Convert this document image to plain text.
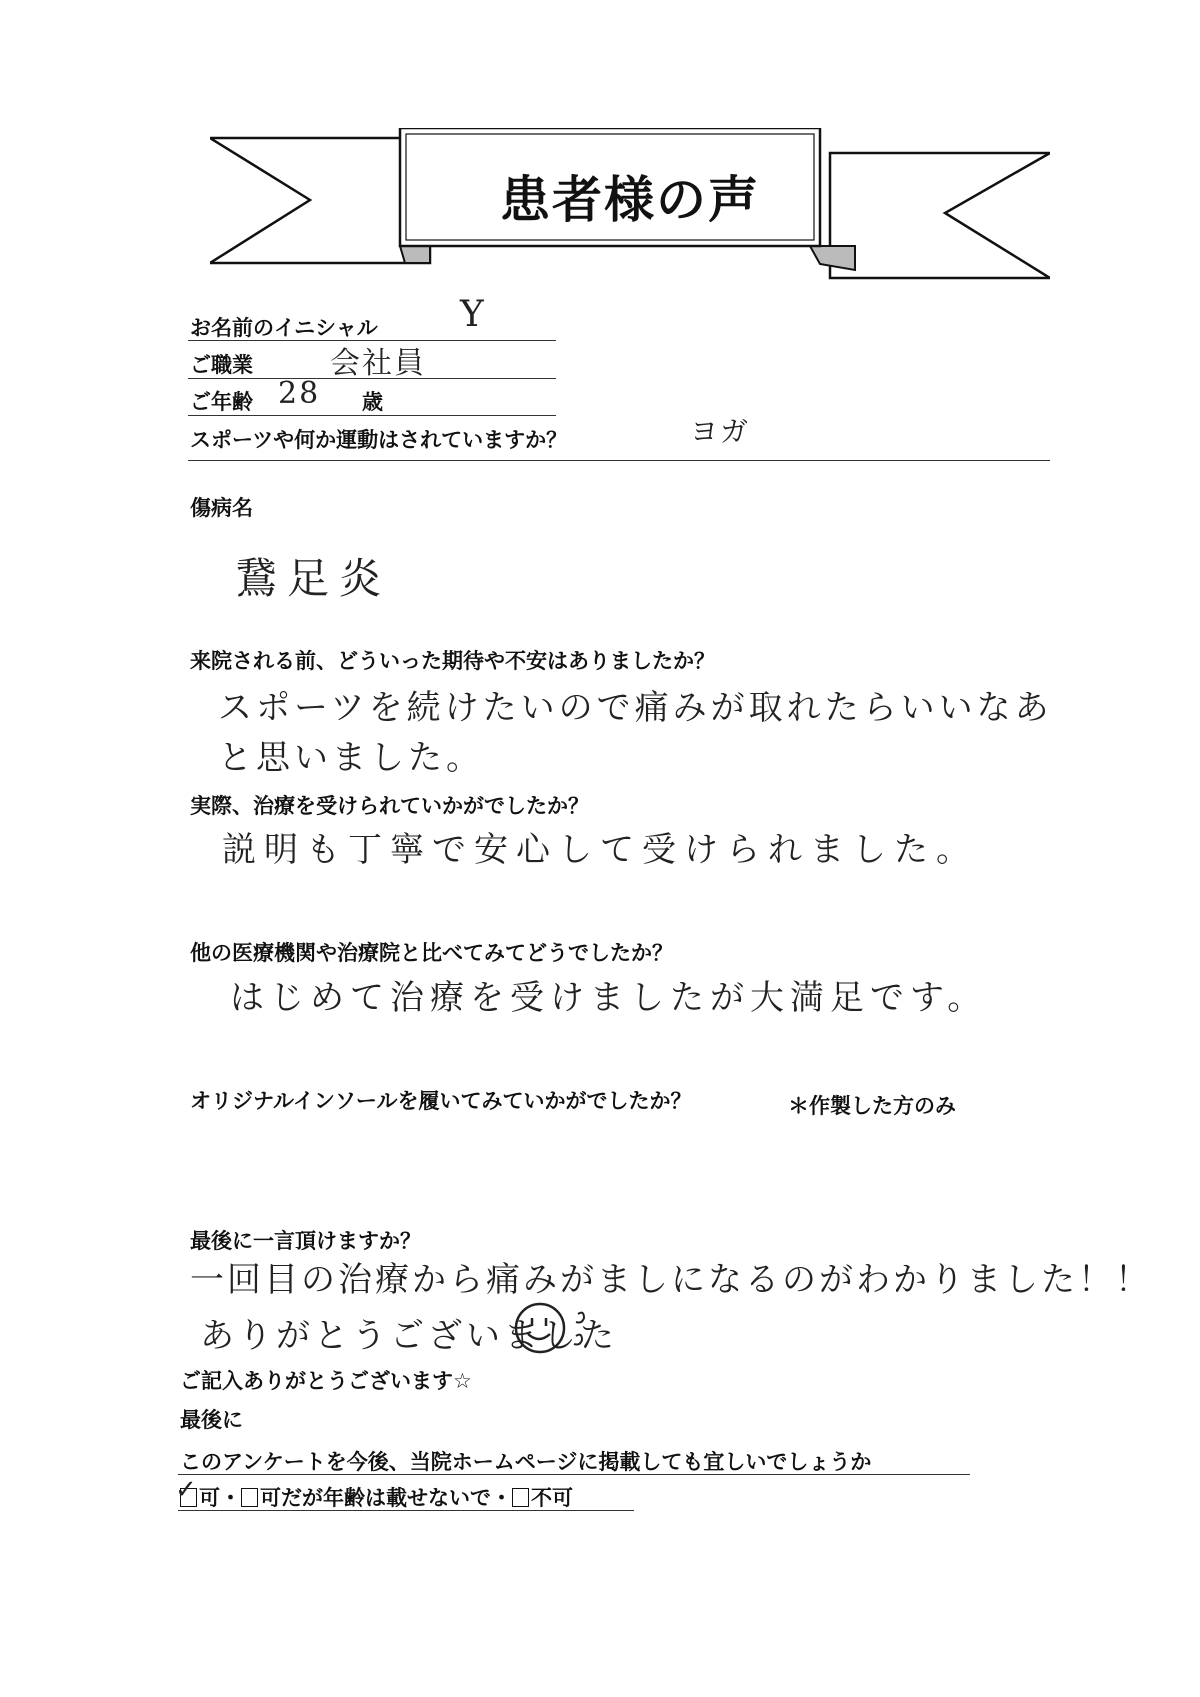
患者様の声
お名前のイニシャル Y
ご職業	会社員
ご年齢 28 歳
スポーツや何か運動はされていますか？	ヨガ
傷病名
鵞足炎
来院される前、どういった期待や不安はありましたか？
スポーツを続けたいので痛みが取れたらいいなあ
と思いました。
実際、治療を受けられていかがでしたか？
説明も丁寧で安心して受けられました。
他の医療機関や治療院と比べてみてどうでしたか？
はじめて治療を受けましたが大満足です。
オリジナルインソールを履いてみていかがでしたか？	＊作製した方のみ
最後に一言頂けますか？
一回目の治療から痛みがましになるのがわかりました！！
ありがとうございました
ご記入ありがとうございます☆
最後に
このアンケートを今後、当院ホームページに掲載しても宜しいでしょうか
✓ 可・ 可だが年齢は載せないで・ 不可
